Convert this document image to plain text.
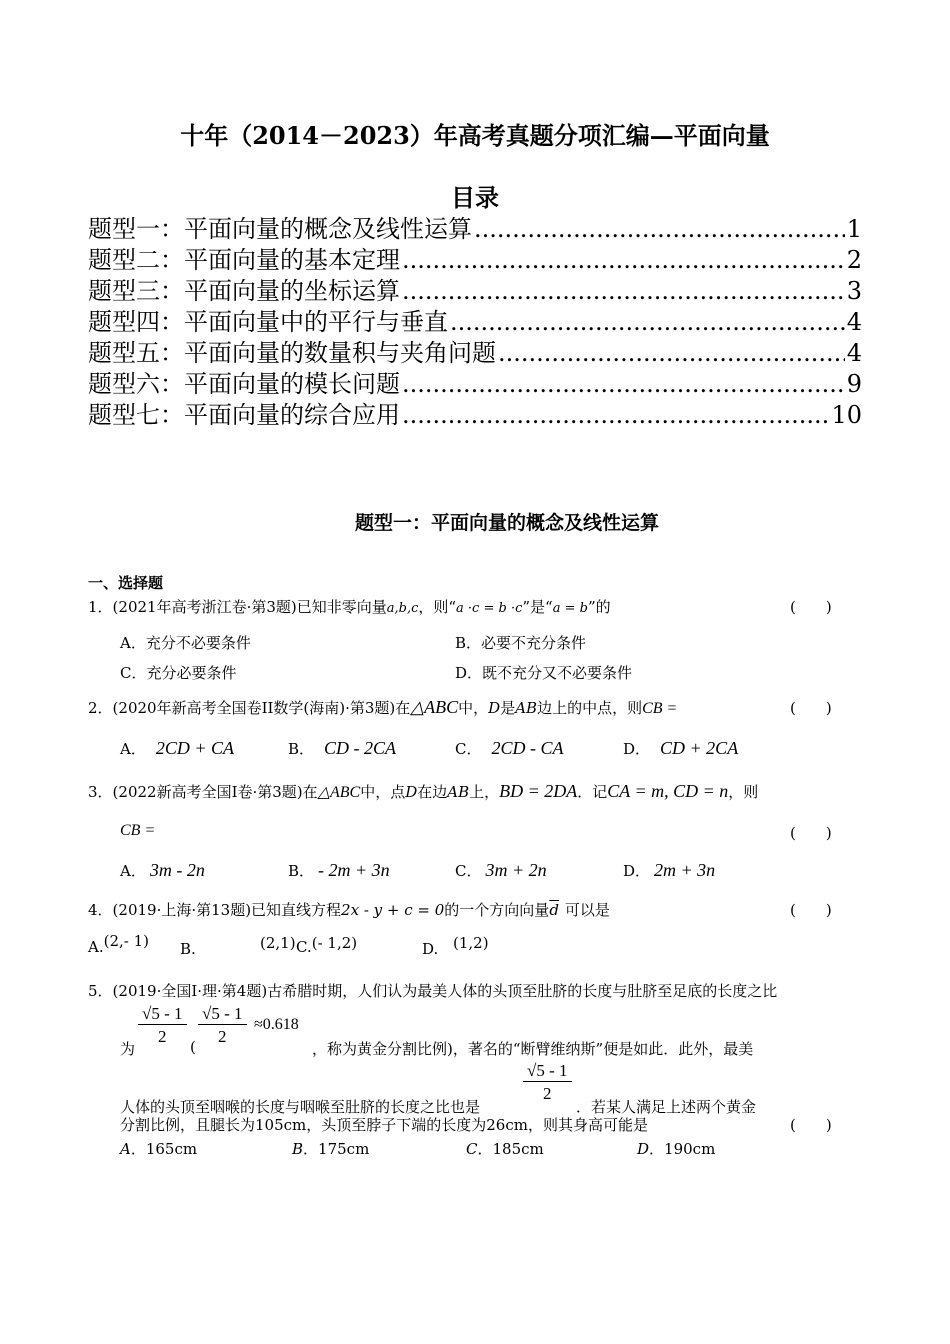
十年（2014－2023）年高考真题分项汇编—平面向量
目录
题型一：平面向量的概念及线性运算 .....	1
题型二：平面向量的基本定理 .....	2
题型三：平面向量的坐标运算 .....	3
题型四：平面向量中的平行与垂直 .....	4
题型五：平面向量的数量积与夹角问题 .....	4
题型六：平面向量的模长问题 .....	9
题型七：平面向量的综合应用 .....	10
题型一：平面向量的概念及线性运算
一、选择题
1．(2021年高考浙江卷·第3题)已知非零向量a,b,c，则“a ·c = b ·c”是“a = b”的	(　　)
A．充分不必要条件	B．必要不充分条件
C．充分必要条件	D．既不充分又不必要条件
2．(2020年新高考全国卷II数学(海南)·第3题)在△ABC中，D是AB边上的中点，则CB =	(　　)
A． 2CD + CA	B． CD - 2CA	C． 2CD - CA	D． CD + 2CA
3．(2022新高考全国I卷·第3题)在△ABC中，点D在边AB上，BD = 2DA．记CA = m, CD = n，则
CB =	(　　)
A． 3m - 2n	B． - 2m + 3n	C． 3m + 2n	D． 2m + 3n
4．(2019·上海·第13题)已知直线方程2x - y + c = 0的一个方向向量$\overline{d}$ 可以是	(　　)
A.(2,- 1) B.	(2,1) C.(- 1,2)	D. (1,2)
5．(2019·全国Ⅰ·理·第4题)古希腊时期，人们认为最美人体的头顶至肚脐的长度与肚脐至足底的长度之比
为
$\frac{√5 - 1}{2}$ ( $\frac{√5 - 1}{2} \approx 0.618$
，称为黄金分割比例)，著名的“断臂维纳斯”便是如此．此外，最美
$\frac{√5 - 1}{2}$
人体的头顶至咽喉的长度与咽喉至肚脐的长度之比也是	．若某人满足上述两个黄金
分割比例，且腿长为105cm，头顶至脖子下端的长度为26cm，则其身高可能是	(　　)
A．165cm	B．175cm	C．185cm	D．190cm
